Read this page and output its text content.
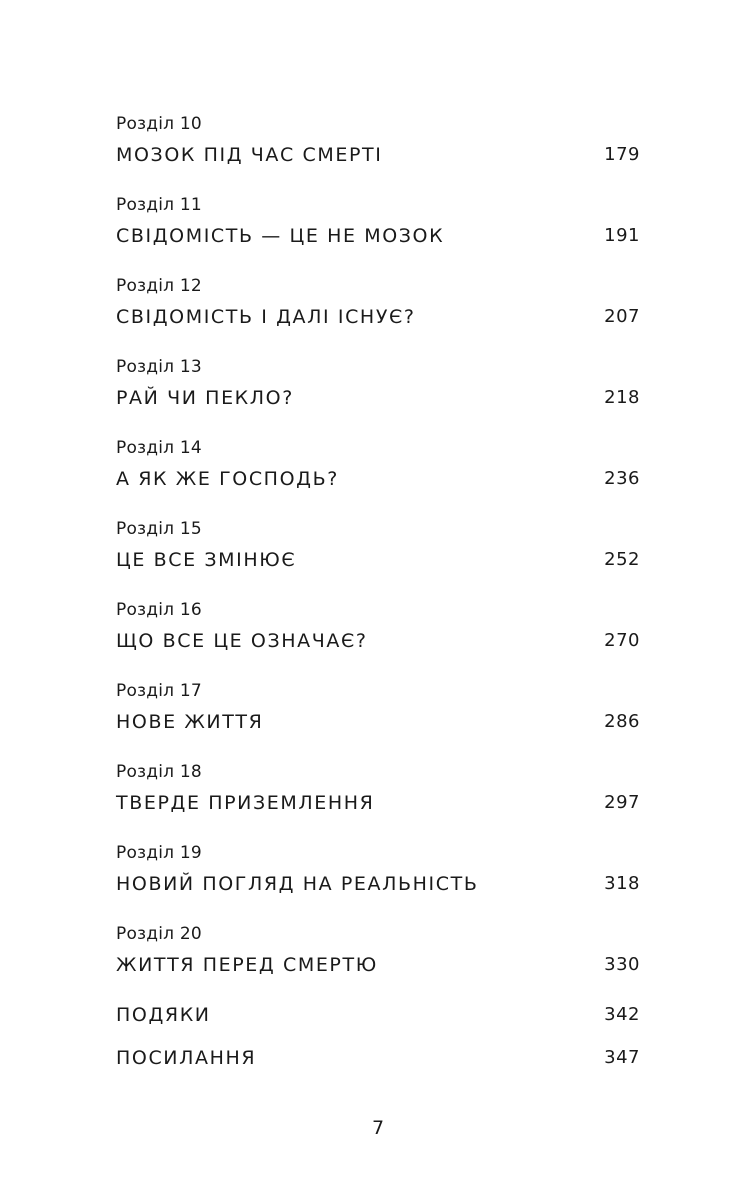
Розділ 10
МОЗОК ПІД ЧАС СМЕРТІ	179
Розділ 11
СВІДОМІСТЬ — ЦЕ НЕ МОЗОК	191
Розділ 12
СВІДОМІСТЬ І ДАЛІ ІСНУЄ?	207
Розділ 13
РАЙ ЧИ ПЕКЛО?	218
Розділ 14
А ЯК ЖЕ ГОСПОДЬ?	236
Розділ 15
ЦЕ ВСЕ ЗМІНЮЄ	252
Розділ 16
ЩО ВСЕ ЦЕ ОЗНАЧАЄ?	270
Розділ 17
НОВЕ ЖИТТЯ	286
Розділ 18
ТВЕРДЕ ПРИЗЕМЛЕННЯ	297
Розділ 19
НОВИЙ ПОГЛЯД НА РЕАЛЬНІСТЬ	318
Розділ 20
ЖИТТЯ ПЕРЕД СМЕРТЮ	330
ПОДЯКИ	342
ПОСИЛАННЯ	347
7
